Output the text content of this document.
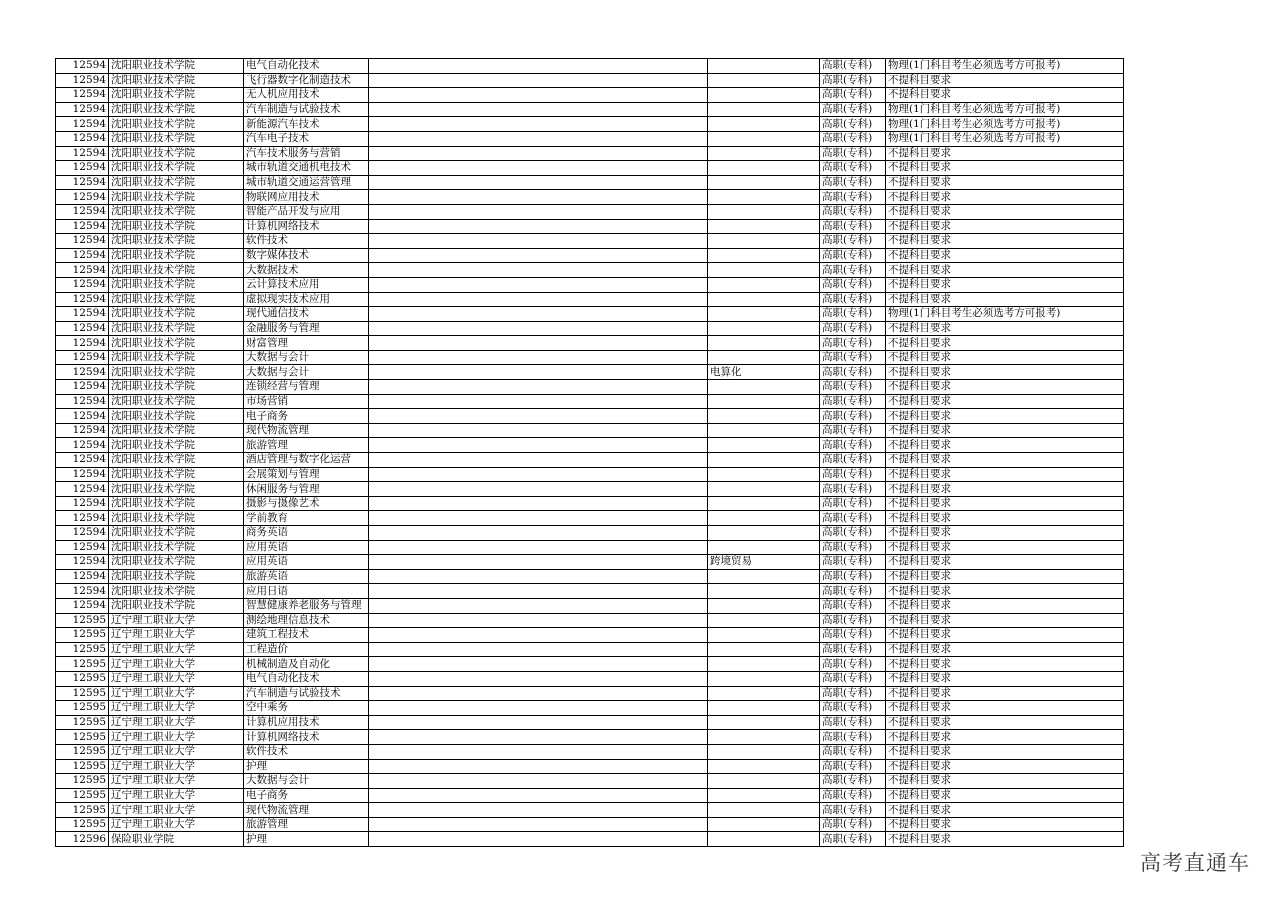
12594	沈阳职业技术学院	电气自动化技术			高职(专科)	物理(1门科目考生必须选考方可报考)
12594	沈阳职业技术学院	飞行器数字化制造技术			高职(专科)	不提科目要求
12594	沈阳职业技术学院	无人机应用技术			高职(专科)	不提科目要求
12594	沈阳职业技术学院	汽车制造与试验技术			高职(专科)	物理(1门科目考生必须选考方可报考)
12594	沈阳职业技术学院	新能源汽车技术			高职(专科)	物理(1门科目考生必须选考方可报考)
12594	沈阳职业技术学院	汽车电子技术			高职(专科)	物理(1门科目考生必须选考方可报考)
12594	沈阳职业技术学院	汽车技术服务与营销			高职(专科)	不提科目要求
12594	沈阳职业技术学院	城市轨道交通机电技术			高职(专科)	不提科目要求
12594	沈阳职业技术学院	城市轨道交通运营管理			高职(专科)	不提科目要求
12594	沈阳职业技术学院	物联网应用技术			高职(专科)	不提科目要求
12594	沈阳职业技术学院	智能产品开发与应用			高职(专科)	不提科目要求
12594	沈阳职业技术学院	计算机网络技术			高职(专科)	不提科目要求
12594	沈阳职业技术学院	软件技术			高职(专科)	不提科目要求
12594	沈阳职业技术学院	数字媒体技术			高职(专科)	不提科目要求
12594	沈阳职业技术学院	大数据技术			高职(专科)	不提科目要求
12594	沈阳职业技术学院	云计算技术应用			高职(专科)	不提科目要求
12594	沈阳职业技术学院	虚拟现实技术应用			高职(专科)	不提科目要求
12594	沈阳职业技术学院	现代通信技术			高职(专科)	物理(1门科目考生必须选考方可报考)
12594	沈阳职业技术学院	金融服务与管理			高职(专科)	不提科目要求
12594	沈阳职业技术学院	财富管理			高职(专科)	不提科目要求
12594	沈阳职业技术学院	大数据与会计			高职(专科)	不提科目要求
12594	沈阳职业技术学院	大数据与会计		电算化	高职(专科)	不提科目要求
12594	沈阳职业技术学院	连锁经营与管理			高职(专科)	不提科目要求
12594	沈阳职业技术学院	市场营销			高职(专科)	不提科目要求
12594	沈阳职业技术学院	电子商务			高职(专科)	不提科目要求
12594	沈阳职业技术学院	现代物流管理			高职(专科)	不提科目要求
12594	沈阳职业技术学院	旅游管理			高职(专科)	不提科目要求
12594	沈阳职业技术学院	酒店管理与数字化运营			高职(专科)	不提科目要求
12594	沈阳职业技术学院	会展策划与管理			高职(专科)	不提科目要求
12594	沈阳职业技术学院	休闲服务与管理			高职(专科)	不提科目要求
12594	沈阳职业技术学院	摄影与摄像艺术			高职(专科)	不提科目要求
12594	沈阳职业技术学院	学前教育			高职(专科)	不提科目要求
12594	沈阳职业技术学院	商务英语			高职(专科)	不提科目要求
12594	沈阳职业技术学院	应用英语			高职(专科)	不提科目要求
12594	沈阳职业技术学院	应用英语		跨境贸易	高职(专科)	不提科目要求
12594	沈阳职业技术学院	旅游英语			高职(专科)	不提科目要求
12594	沈阳职业技术学院	应用日语			高职(专科)	不提科目要求
12594	沈阳职业技术学院	智慧健康养老服务与管理			高职(专科)	不提科目要求
12595	辽宁理工职业大学	测绘地理信息技术			高职(专科)	不提科目要求
12595	辽宁理工职业大学	建筑工程技术			高职(专科)	不提科目要求
12595	辽宁理工职业大学	工程造价			高职(专科)	不提科目要求
12595	辽宁理工职业大学	机械制造及自动化			高职(专科)	不提科目要求
12595	辽宁理工职业大学	电气自动化技术			高职(专科)	不提科目要求
12595	辽宁理工职业大学	汽车制造与试验技术			高职(专科)	不提科目要求
12595	辽宁理工职业大学	空中乘务			高职(专科)	不提科目要求
12595	辽宁理工职业大学	计算机应用技术			高职(专科)	不提科目要求
12595	辽宁理工职业大学	计算机网络技术			高职(专科)	不提科目要求
12595	辽宁理工职业大学	软件技术			高职(专科)	不提科目要求
12595	辽宁理工职业大学	护理			高职(专科)	不提科目要求
12595	辽宁理工职业大学	大数据与会计			高职(专科)	不提科目要求
12595	辽宁理工职业大学	电子商务			高职(专科)	不提科目要求
12595	辽宁理工职业大学	现代物流管理			高职(专科)	不提科目要求
12595	辽宁理工职业大学	旅游管理			高职(专科)	不提科目要求
12596	保险职业学院	护理			高职(专科)	不提科目要求
高考直通车
